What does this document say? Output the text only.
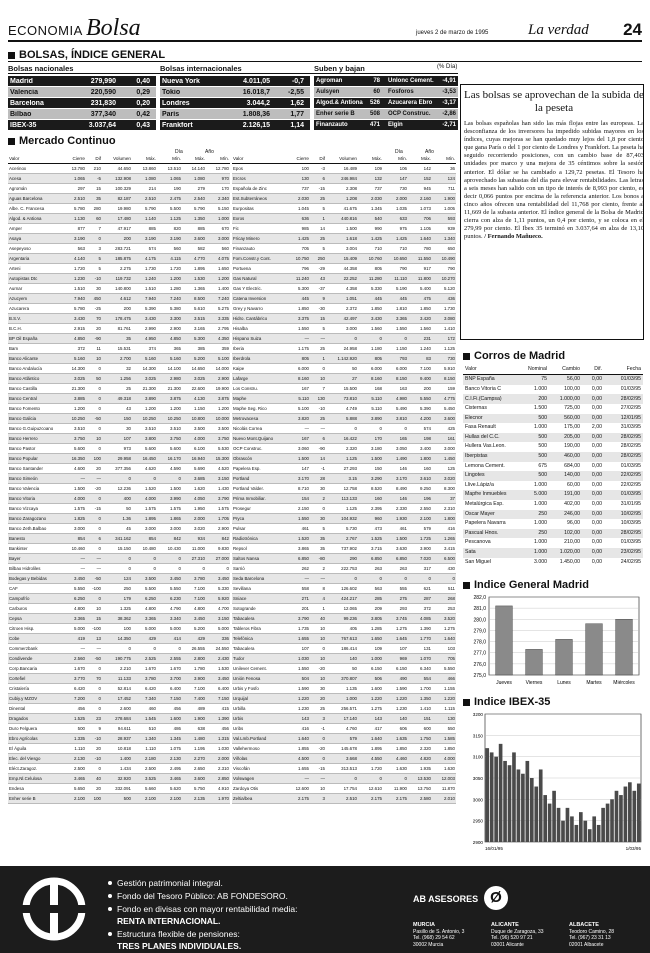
ECONOMIA Bolsa	jueves 2 de marzo de 1995	La verdad 24
BOLSAS, ÍNDICE GENERAL
Bolsas nacionales	Bolsas internacionales	Suben y bajan	(% Día)
Madrid	279,990	0,40 Nueva York	4.011,05	-0,7	Agroman	78 Unlonc Cement.	-4,91
Valencia	220,590	0,29 Tokio	16.018,7	-2,55	Aulsyen	60 Fosforos	-3,53
Barcelona	231,830	0,20 Londres	3.044,2	1,62	Algod.& Antiona	526 Azucarera Ebro	-3,17
Bilbao	377,340	0,42 París	1.808,36	1,77	Enher serie B	508 OCP Construc.	-2,86
IBEX-35	3.037,64	0,43 Frankfort	2.126,15	1,14	Finanzauto	471 Elgin	-2,71
Mercado Continuo
Día	Año	Día	Año
Valor	Cierre	Dif	Volumen	Máx.	Mín.	Máx.	Mín.
Acerinox	13.780	210	44.650	13.860	13.510	14.140	12.780
Acesa	1.065	-5	132.908	1.080	1.065	1.080	970
Agromán	297	15	100.329	214	190	279	170
Aguas Barcelona	2.510	35	82.187	2.510	2.475	2.540	2.340
Albe. C. Francesa	5.780	280	19.980	5.790	5.500	5.790	5.150
Algod. & Antiona	1.130	60	17.480	1.140	1.125	1.350	1.000
Amper	877	7	47.917	885	820	885	670
Asaya	3.190	0	200	3.190	3.190	3.600	3.000
Asepeyoso	563	3	283.721	574	560	582	560
Argentaria	4.140	5	185.875	4.175	4.115	4.770	4.075
Arteni	1.720	5	2.275	1.730	1.720	1.895	1.650
Autopistas Dtc	1.230	-10	119.732	1.240	1.200	1.530	1.200
Aurnar	1.510	30	140.800	1.510	1.280	1.365	1.400
Azucyem	7.940	450	4.612	7.940	7.240	8.500	7.240
Azucarera	5.780	-25	200	5.390	5.380	5.610	5.275
B.S.V.	3.430	70	178.475	3.430	3.300	3.515	3.335
B.C.H.	2.915	20	81.761	2.990	2.900	3.165	2.795
BP Oil España	4.850	-90	35	4.950	4.850	5.300	4.350
Bam	372	11	15.531	374	365	385	359
Banco Alicante	5.160	10	2.700	5.160	5.160	5.200	5.100
Banco Andalucía	14.300	0	32	14.300	14.100	14.650	14.000
Banco Atlántico	3.025	50	1.256	3.025	2.980	3.025	2.900
Banco Castilla	21.300	0	25	21.300	21.300	22.600	19.900
Banco Central	3.885	0	49.318	3.890	3.875	4.130	3.875
Banco Fomento	1.200	0	43	1.200	1.200	1.150	1.200
Banco Galicia	10.250	-50	150	10.250	10.250	10.800	10.000
Banco G.Guipuzcoano	3.510	0	30	3.510	3.510	3.500	3.500
Banco Herrero	3.750	10	107	3.800	3.750	4.000	3.750
Banco Pastor	5.600	0	973	5.600	5.600	6.100	5.530
Banco Popular	16.350	100	29.958	16.450	16.170	16.940	15.300
Banco Santander	4.600	20	377.356	4.620	4.590	5.690	4.520
Banco Simeón	—	—	0	0	0	3.685	3.150
Banco Valencia	1.500	-20	12.236	1.520	1.500	1.620	1.430
Banco Vitoria	4.000	0	400	4.000	3.990	4.050	3.790
Banco Vizcaya	1.575	-15	50	1.575	1.575	1.950	1.575
Banco Zaragozano	1.825	0	1.36	1.895	1.865	2.000	1.705
Banco Zeth.Balbao	3.000	0	45	3.000	3.000	3.020	2.900
Banesto	854	6	341.162	854	842	934	842
Bankinter	10.460	0	15.150	10.480	10.430	11.000	9.830
Bayer	—	—	0	0	0	27.310	27.000
Bilbao Hidroliles	—	—	0	0	0	0	0
Bodegas y Bebidas	3.450	-50	124	3.500	3.450	3.780	3.450
CAF	5.550	-100	250	5.500	5.550	7.100	5.330
Campofrío	6.250	0	179	6.250	6.230	7.100	5.920
Carburos	4.800	10	1.325	4.800	4.790	4.800	4.700
Cepsa	3.365	15	38.362	3.365	3.340	3.450	3.150
Citroen Hisp.	5.000	-100	100	5.000	5.000	5.200	5.000
Cobe	419	13	14.350	429	414	429	336
Commerzbank	—	—	0	0	0	26.555	24.550
Condivende	2.560	-50	190.775	2.525	2.555	2.800	2.430
Corp.Bancaria	1.670	0	2.210	1.670	1.670	1.780	1.530
Cortefiel	3.770	70	11.133	3.780	3.700	3.900	3.450
Cristalería	6.420	0	52.814	6.420	6.400	7.100	6.400
Cubiy.y MZOV	7.200	0	17.452	7.340	7.150	7.400	7.150
Dinental	456	0	2.600	460	456	489	415
Dragados	1.525	23	278.684	1.545	1.600	1.900	1.390
Duro Felguera	500	9	94.611	510	486	638	456
Ebro Agrícolas	1.335	-10	28.937	1.340	1.345	1.480	1.315
El Águila	1.110	20	10.818	1.110	1.075	1.195	1.030
Elec. del Viesgo	2.130	-10	1.400	2.180	2.130	2.270	2.000
Eléct.Zaragoz.	2.500	0	1.434	2.500	2.495	2.650	2.310
Emp.Nl.Celulosa	3.465	40	32.920	3.525	3.465	3.600	2.850
Endesa	5.650	20	332.091	5.660	5.620	5.750	4.910
Enher serie B	2.100	100	500	2.100	2.100	2.135	1.970
Valor	Cierre	Dif	Volumen	Máx.	Mín.	Máx.	Mín.
Epos	100	-3	16.489	109	106	142	36
Ercros	130	6	246.984	132	147	152	124
Española de Zinc	737	-15	2.308	737	730	945	711
Est.Subterráneos	2.030	25	1.208	2.030	2.000	2.160	1.900
Eurpositas	1.045	5	41.675	1.345	1.035	1.073	1.005
Exros	636	1	440.816	540	633	706	593
Fic	985	14	1.500	990	975	1.105	939
Fricay Minero	1.425	25	1.618	1.425	1.425	1.640	1.340
Finanzauto	705	5	3.004	710	710	780	650
Fom.Constr.y Cont.	10.750	250	15.409	10.760	10.650	11.550	10.490
Portuena	796	-29	44.358	805	790	917	790
Gas Natural	11.240	43	22.252	11.280	11.110	11.800	10.270
Gas Y Electric.	5.300	-37	4.358	5.330	5.190	5.400	5.120
Catena Inversion	445	9	1.051	445	445	475	436
Grey y Navarro	1.850	-30	2.372	1.850	1.810	1.850	1.730
Hidro. Cantábrico	3.375	15	42.497	3.430	3.365	3.420	3.080
Hisalba	1.550	5	3.000	1.560	1.550	1.560	1.410
Hispano Suiza	—	—	0	0	0	231	172
Iberia	1.175	25	24.958	1.180	1.150	1.240	1.125
Iberdrola	805	1	1.142.920	805	793	83	730
Kaipe	6.000	0	50	6.000	6.000	7.100	5.910
Lafarge	8.160	10	27	8.160	8.150	9.400	8.150
Los Constru.	167	7	15.500	168	163	200	159
Maphe	5.110	130	73.810	5.110	4.980	5.550	4.775
Maphe Seg. Rico	5.100	-10	4.749	5.110	5.490	5.390	5.450
Metrovacesa	3.820	25	5.888	3.890	3.810	4.200	3.600
Nicolás Correa	—	—	0	0	0	574	425
Nuevo Mont.Quijano	167	6	16.422	170	165	198	161
OCP Construc.	3.060	-90	2.320	3.180	3.050	3.400	3.000
Obrascón	1.500	14	1.125	1.500	1.490	1.800	1.450
Papelera Esp.	147	-1	27.293	150	146	160	125
Portland	3.170	28	3.15	3.290	3.170	3.610	3.020
Portland Valder.	8.710	30	12.758	8.520	8.490	9.250	8.300
Prima Inmobiliar.	154	2	113.133	160	146	196	37
Prosegur	2.150	0	1.125	2.395	2.330	2.550	2.310
Pryca	1.550	30	104.932	960	1.930	2.100	1.800
Pulsar	461	5	5.730	473	461	579	416
Radiotrónica	1.520	35	2.767	1.525	1.500	1.725	1.265
Repsol	3.865	35	737.902	3.715	3.630	3.900	3.415
Saltos Nansa	6.850	-80	290	6.850	6.850	7.020	6.500
Sarrió	262	2	222.753	263	263	317	430
Seda Barcelona	—	—	0	0	0	0	0
Sevillana	558	8	126.602	563	555	621	511
Sniace	271	4	424.217	285	275	287	268
Sotogrande	201	1	12.065	209	293	372	253
Tabacalera	3.790	40	99.236	3.805	3.745	4.085	3.520
Tableros Fibra	1.735	10	405	1.285	1.275	1.390	1.275
Telefónica	1.655	10	767.613	1.650	1.645	1.770	1.640
Tabacalera	107	0	186.414	109	107	131	103
Tudor	1.030	10	140	1.000	969	1.070	705
Unilever Cement.	1.550	-20	50	6.150	6.150	6.340	5.550
Unión Fenosa	504	10	370.807	506	490	554	466
Urbis y Fosfo	1.590	30	1.135	1.600	1.590	1.700	1.155
Urquijal	1.220	20	1.000	1.220	1.220	1.350	1.220
Urbilla	1.230	25	256.571	1.275	1.230	1.410	1.115
Urbis	143	3	17.140	143	140	151	130
Uribs	416	-1	4.760	417	606	600	550
Val.Lmb.Portland	1.640	0	579	1.640	1.635	1.750	1.585
Vallehermoso	1.855	-20	145.678	1.895	1.850	2.320	1.850
Viñolas	4.500	0	3.668	4.550	4.460	4.820	4.000
Viscofán	1.655	-15	313.513	1.720	1.630	1.935	1.630
Volswagen	—	—	0	0	0	13.530	12.003
Zardoya Otis	12.600	10	17.754	12.610	11.900	13.750	11.870
Zeltia/bea	2.175	3	2.510	2.175	2.175	2.580	2.010
Las bolsas se aprovechan de la subida de la peseta
Las bolsas españolas han sido las más flojas entre las europeas. La desconfianza de los inversores ha impedido subidas mayores en los índices, cuyas mejoras se han quedado muy lejos del 1,8 por ciento que gana París o del 1 por ciento de Londres y Frankfort. La peseta ha seguido recorriendo posiciones, con un cambio base de 87,403 unidades por marco y una mejora de 35 céntimos sobre la sesión anterior. El dólar se ha cambiado a 129,72 pesetas. El Tesoro ha aprovechado las subastas del día para elevar rentabilidades. Las letras a seis meses han salido con un tipo de interés de 8,993 por ciento, es decir 0,066 puntos por encima de la referencia anterior. Los bonos a cinco años ofrecen una rentabilidad del 11,768 por ciento, frente al 11,669 de la subasta anterior. El índice general de la Bolsa de Madrid cierra con alza de 1,11 puntos, un 0,4 por ciento, y se coloca en el 279,99 por ciento. El Ibex 35 terminó en 3.037,64 en alza de 13,10 puntos. / Fernando Mañueco.
Corros de Madrid
Valor	Nominal	Cambio	Dif.	Fecha
BNP España	75	56,00	0,00	01/03/95
Banco Vitoria C	1.000	100,00	0,00	01/03/95
C.I.Fi.(Campsa)	200	1.000,00	0,00	28/02/95
Cisternas	1.500	725,00	0,00	27/02/95
Elecnor	500	560,00	0,00	12/01/95
Fasa Renault	1.000	175,00	2,00	31/03/95
Hullas del C.C.	500	205,00	0,00	28/02/95
Hullera Vas.Leon.	500	190,00	0,00	28/02/95
Iberpistas	500	460,00	0,00	28/02/95
Lemona Cement.	675	684,00	0,00	01/03/95
Lingotes	500	140,00	0,00	22/02/95
Llive.Lápiz/a	1.000	60,00	0,00	22/02/95
Mapfre Inmuebles	5.000	191,00	0,00	01/03/95
Metalúrgica Esp.	1.000	402,00	0,00	31/01/95
Oscar Mayer	250	246,00	0,00	10/02/95
Papelera Navarra	1.000	96,00	0,00	10/03/95
Pascual Hnos.	250	102,00	0,00	28/02/95
Pescanova	1.000	210,00	0,00	01/03/95
Sata	1.000	1.020,00	0,00	23/02/95
San Miguel	3.000	1.450,00	0,00	24/02/95
Indice General Madrid
282,0
281,0
280,0
279,0
278,0
277,0
276,0
275,0
Jueves	Viernes	Lunes	Martes Miércoles
Indice IBEX-35
3200
3150
3100
3050
3000
2950
2900
16/01/95	1/03/95
Gestión patrimonial integral.
Fondo del Tesoro Público: AB FONDESORO.
Fondo en divisas con mayor rentabilidad media:
RENTA INTERNACIONAL.
Estructura flexible de pensiones:
TRES PLANES INDIVIDUALES.
AB ASESORES Ø
MURCIA
Pasillo de S. Antonio, 3
Tel. (968) 29 54 62
30002 Murcia
ALICANTE
Duque de Zaragoza, 33
Tel. (96) 520 97 21
03001 Alicante
ALBACETE
Teodoro Camino, 28
Tel. (967) 23 31 13
02001 Albacete
